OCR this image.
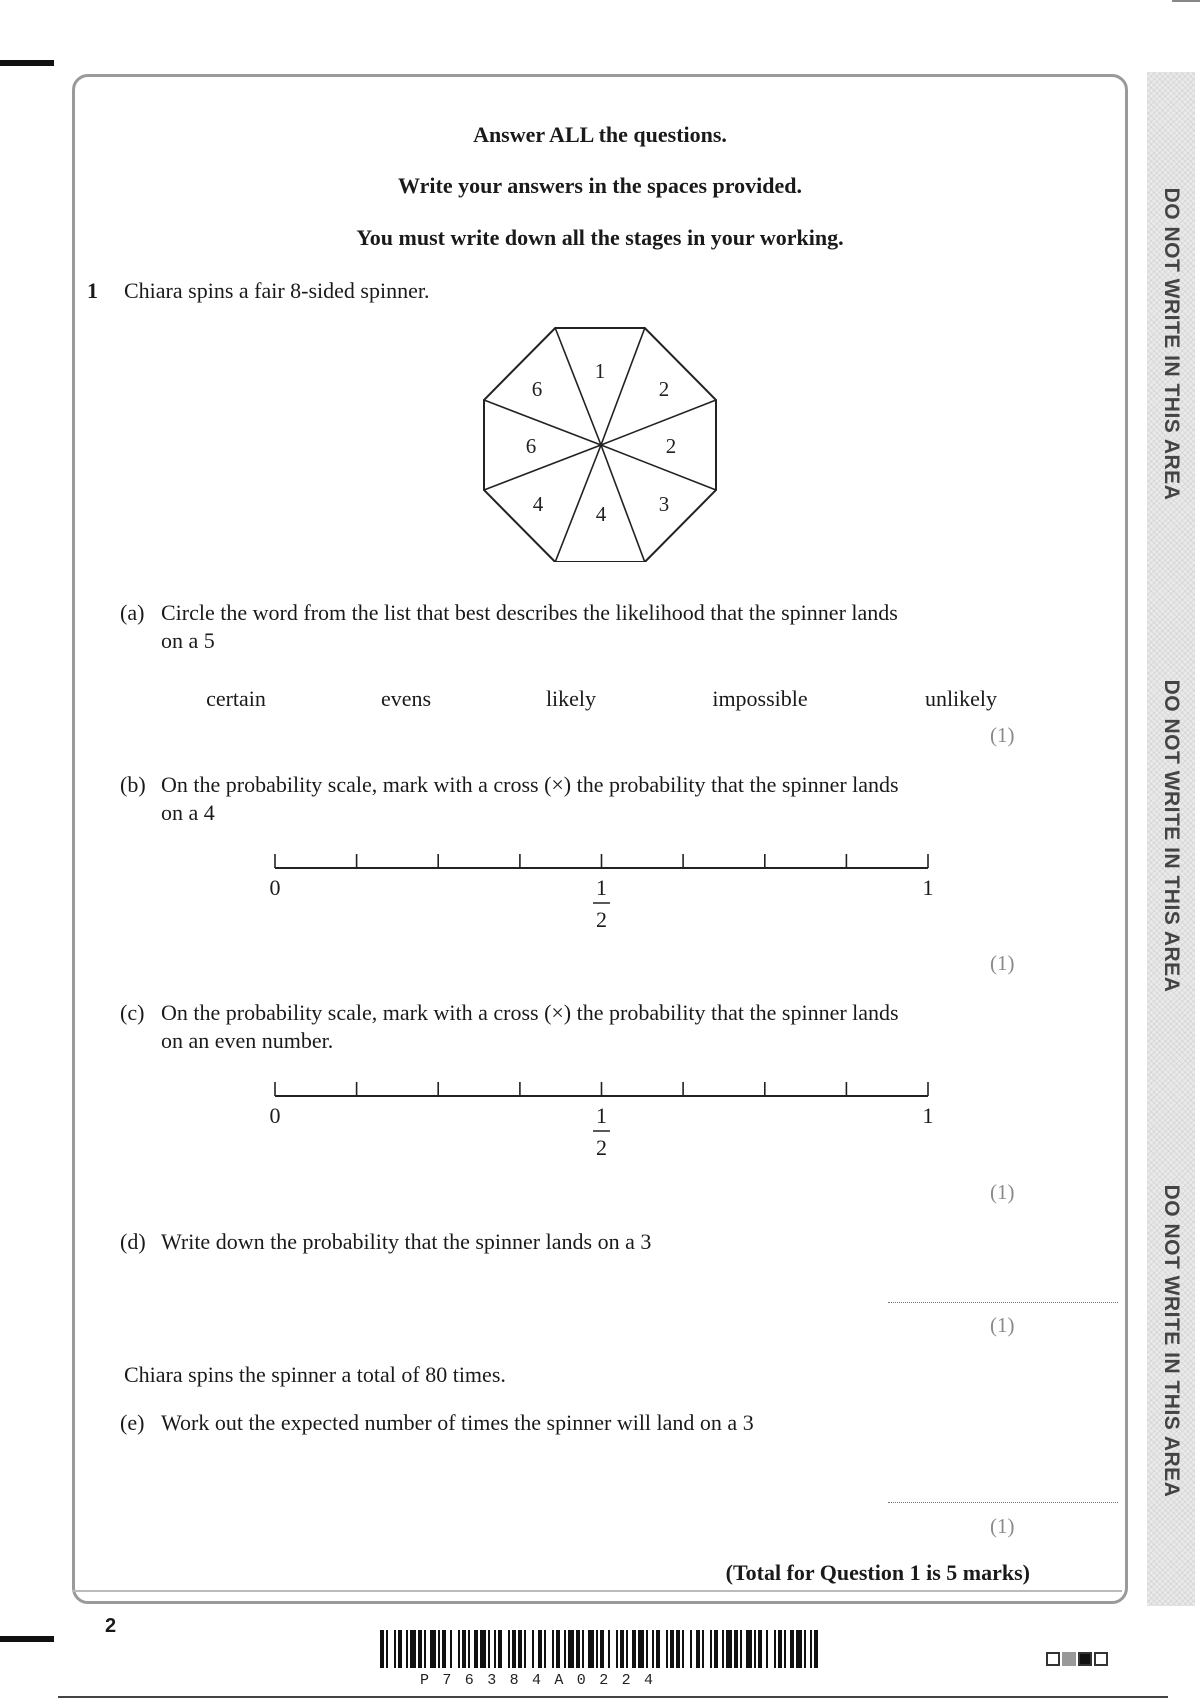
DO NOT WRITE IN THIS AREA
DO NOT WRITE IN THIS AREA
DO NOT WRITE IN THIS AREA
Answer ALL the questions.
Write your answers in the spaces provided.
You must write down all the stages in your working.
1 Chiara spins a fair 8-sided spinner.
1
2
2
3
4
4
6
6
(a) Circle the word from the list that best describes the likelihood that the spinner lands
on a 5
certain	evens	likely	impossible	unlikely
(1)
(b) On the probability scale, mark with a cross (×) the probability that the spinner lands
on a 4
0	1
2
1
(1)
(c) On the probability scale, mark with a cross (×) the probability that the spinner lands
on an even number.
0	1
2
1
(1)
(d) Write down the probability that the spinner lands on a 3
(1)
Chiara spins the spinner a total of 80 times.
(e) Work out the expected number of times the spinner will land on a 3
(1)
(Total for Question 1 is 5 marks)
2
P76384A0224
